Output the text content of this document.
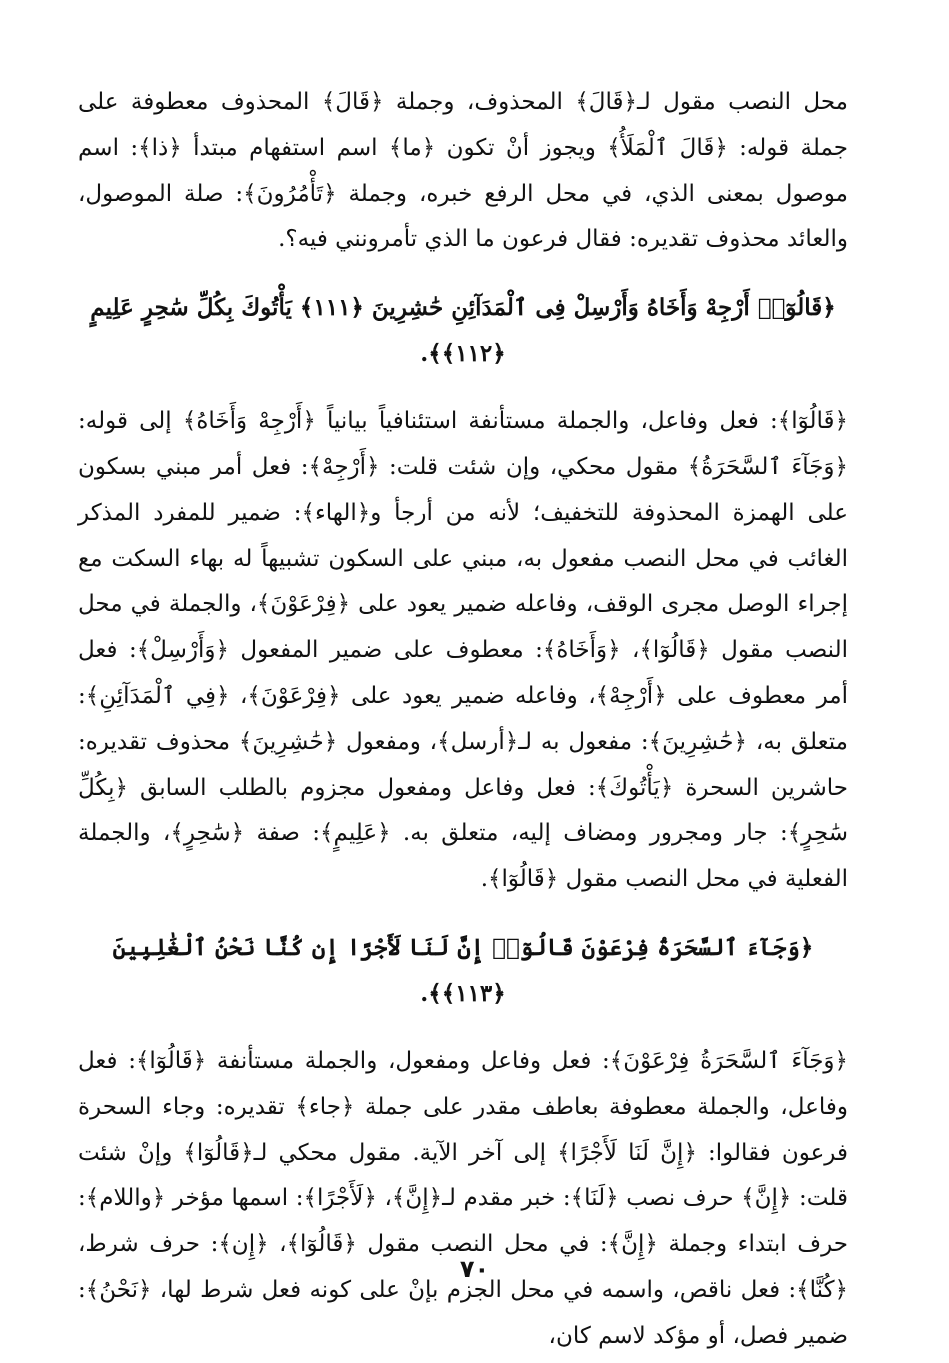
محل النصب مقول لـ﴿قَالَ﴾ المحذوف، وجملة ﴿قَالَ﴾ المحذوف معطوفة على جملة قوله: ﴿قَالَ ٱلْمَلَأُ﴾ ويجوز أنْ تكون ﴿ما﴾ اسم استفهام مبتدأ ﴿ذا﴾: اسم موصول بمعنى الذي، في محل الرفع خبره، وجملة ﴿تَأْمُرُونَ﴾: صلة الموصول، والعائد محذوف تقديره: فقال فرعون ما الذي تأمرونني فيه؟.

﴿قَالُوٓا۟ أَرْجِهْ وَأَخَاهُ وَأَرْسِلْ فِى ٱلْمَدَآئِنِ حَٰشِرِينَ ﴿١١١﴾ يَأْتُوكَ بِكُلِّ سَٰحِرٍ عَلِيمٍ ﴿١١٢﴾﴾.

﴿قَالُوٓا﴾: فعل وفاعل، والجملة مستأنفة استئنافياً بيانياً ﴿أَرْجِهْ وَأَخَاهُ﴾ إلى قوله: ﴿وَجَآءَ ٱلسَّحَرَةُ﴾ مقول محكي، وإن شئت قلت: ﴿أَرْجِهْ﴾: فعل أمر مبني بسكون على الهمزة المحذوفة للتخفيف؛ لأنه من أرجأ و﴿الهاء﴾: ضمير للمفرد المذكر الغائب في محل النصب مفعول به، مبني على السكون تشبيهاً له بهاء السكت مع إجراء الوصل مجرى الوقف، وفاعله ضمير يعود على ﴿فِرْعَوْنَ﴾، والجملة في محل النصب مقول ﴿قَالُوٓا﴾، ﴿وَأَخَاهُ﴾: معطوف على ضمير المفعول ﴿وَأَرْسِلْ﴾: فعل أمر معطوف على ﴿أَرْجِهْ﴾، وفاعله ضمير يعود على ﴿فِرْعَوْنَ﴾، ﴿فِي ٱلْمَدَآئِنِ﴾: متعلق به، ﴿حَٰشِرِينَ﴾: مفعول به لـ﴿أرسل﴾، ومفعول ﴿حَٰشِرِينَ﴾ محذوف تقديره: حاشرين السحرة ﴿يَأْتُوكَ﴾: فعل وفاعل ومفعول مجزوم بالطلب السابق ﴿بِكُلِّ سَٰحِرٍ﴾: جار ومجرور ومضاف إليه، متعلق به. ﴿عَلِيمٍ﴾: صفة ﴿سَٰحِرٍ﴾، والجملة الفعلية في محل النصب مقول ﴿قَالُوٓا﴾.

﴿وَجَآءَ ٱلسَّحَرَةُ فِرْعَوْنَ قَالُوٓا۟ إِنَّ لَنَا لَأَجْرًا إِن كُنَّا نَحْنُ ٱلْغَٰلِبِينَ ﴿١١٣﴾﴾.

﴿وَجَآءَ ٱلسَّحَرَةُ فِرْعَوْنَ﴾: فعل وفاعل ومفعول، والجملة مستأنفة ﴿قَالُوٓا﴾: فعل وفاعل، والجملة معطوفة بعاطف مقدر على جملة ﴿جاء﴾ تقديره: وجاء السحرة فرعون فقالوا: ﴿إِنَّ لَنَا لَأَجْرًا﴾ إلى آخر الآية. مقول محكي لـ﴿قَالُوٓا﴾ وإنْ شئت قلت: ﴿إِنَّ﴾ حرف نصب ﴿لَنَا﴾: خبر مقدم لـ﴿إِنَّ﴾، ﴿لَأَجْرًا﴾: اسمها مؤخر ﴿واللام﴾: حرف ابتداء وجملة ﴿إِنَّ﴾: في محل النصب مقول ﴿قَالُوٓا﴾، ﴿إِن﴾: حرف شرط، ﴿كُنَّا﴾: فعل ناقص، واسمه في محل الجزم بإنْ على كونه فعل شرط لها، ﴿نَحْنُ﴾: ضمير فصل، أو مؤكد لاسم كان،

٧٠
